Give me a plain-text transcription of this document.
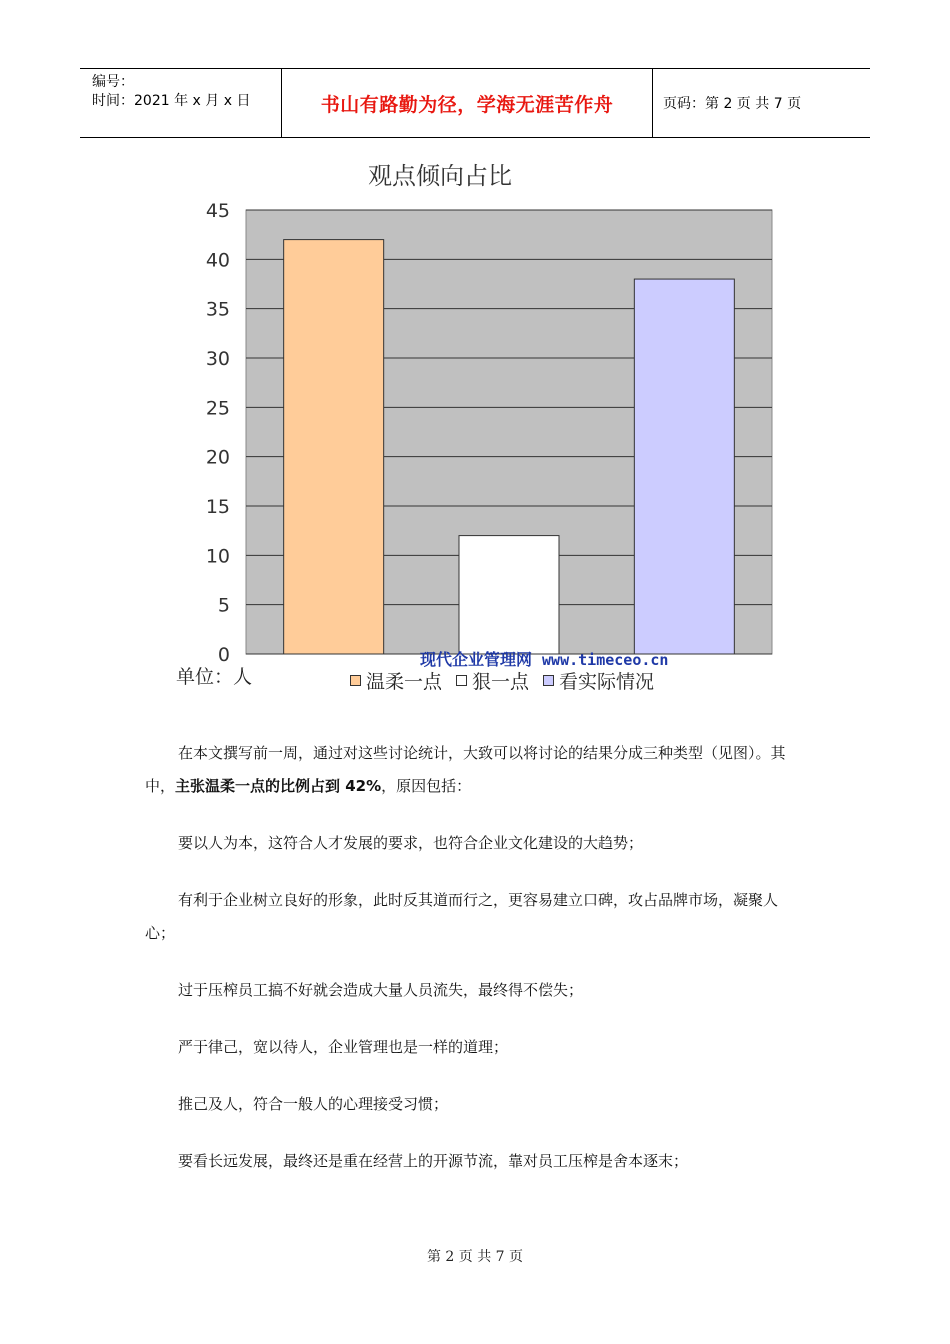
编号：
时间：2021 年 x 月 x 日	书山有路勤为径，学海无涯苦作舟	页码：第 2 页 共 7 页
0
5
10
15
20
25
30
35
40
45
观点倾向占比
现代企业管理网 www.timeceo.cn
单位：人	温柔一点 狠一点 看实际情况

在本文撰写前一周，通过对这些讨论统计，大致可以将讨论的结果分成三种类型（见图）。其中，主张温柔一点的比例占到 42%，原因包括：

要以人为本，这符合人才发展的要求，也符合企业文化建设的大趋势；

有利于企业树立良好的形象，此时反其道而行之，更容易建立口碑，攻占品牌市场，凝聚人心；

过于压榨员工搞不好就会造成大量人员流失，最终得不偿失；

严于律己，宽以待人，企业管理也是一样的道理；

推己及人，符合一般人的心理接受习惯；

要看长远发展，最终还是重在经营上的开源节流，靠对员工压榨是舍本逐末；

第 2 页 共 7 页
